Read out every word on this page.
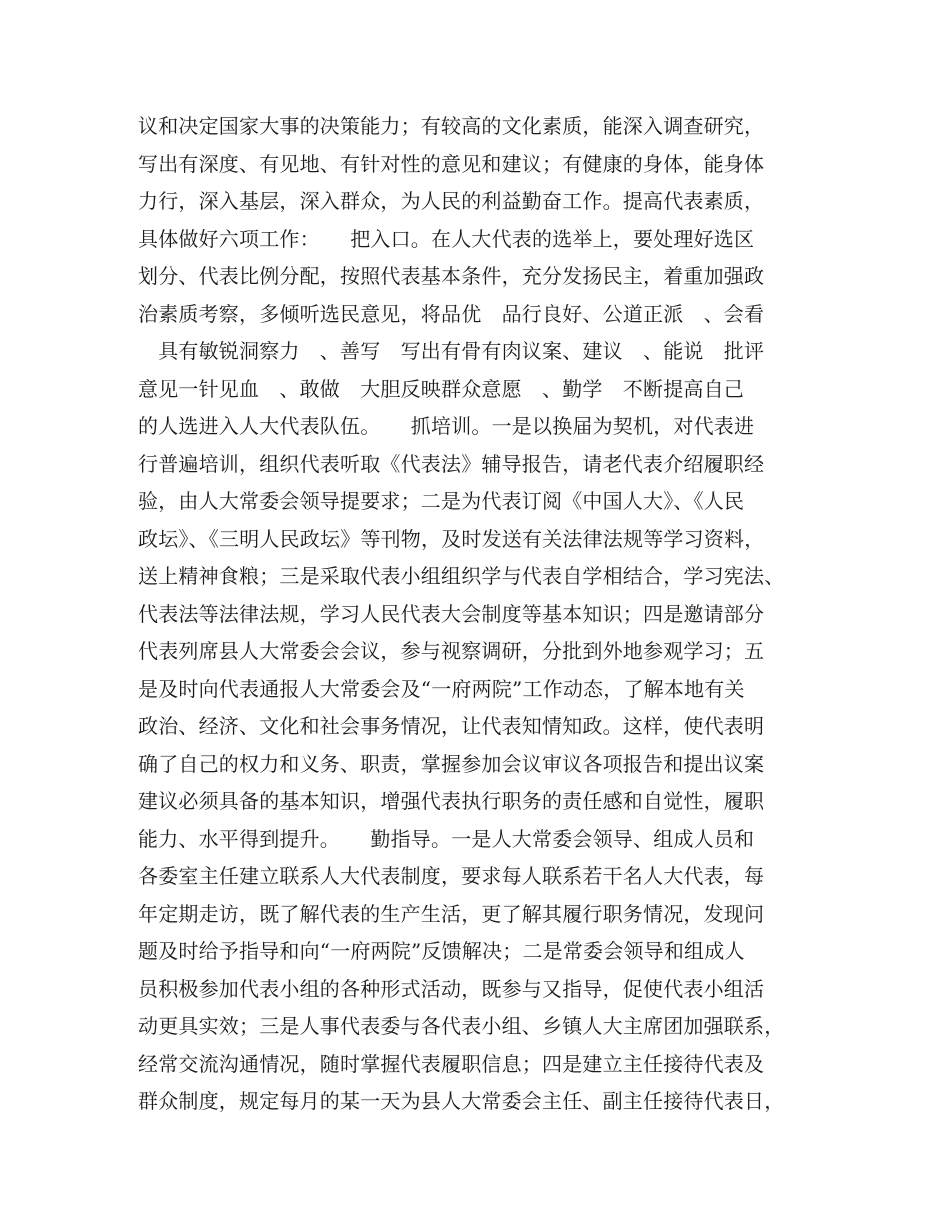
议和决定国家大事的决策能力；有较高的文化素质，能深入调查研究，
写出有深度、有见地、有针对性的意见和建议；有健康的身体，能身体
力行，深入基层，深入群众，为人民的利益勤奋工作。提高代表素质，
具体做好六项工作：　　把入口。在人大代表的选举上，要处理好选区
划分、代表比例分配，按照代表基本条件，充分发扬民主，着重加强政
治素质考察，多倾听选民意见，将品优　品行良好、公道正派　、会看
　具有敏锐洞察力　、善写　写出有骨有肉议案、建议　、能说　批评
意见一针见血　、敢做　大胆反映群众意愿　、勤学　不断提高自己
的人选进入人大代表队伍。　　抓培训。一是以换届为契机，对代表进
行普遍培训，组织代表听取《代表法》辅导报告，请老代表介绍履职经
验，由人大常委会领导提要求；二是为代表订阅《中国人大》、《人民
政坛》、《三明人民政坛》等刊物，及时发送有关法律法规等学习资料，
送上精神食粮；三是采取代表小组组织学与代表自学相结合，学习宪法、
代表法等法律法规，学习人民代表大会制度等基本知识；四是邀请部分
代表列席县人大常委会会议，参与视察调研，分批到外地参观学习；五
是及时向代表通报人大常委会及“一府两院”工作动态，了解本地有关
政治、经济、文化和社会事务情况，让代表知情知政。这样，使代表明
确了自己的权力和义务、职责，掌握参加会议审议各项报告和提出议案
建议必须具备的基本知识，增强代表执行职务的责任感和自觉性，履职
能力、水平得到提升。　　勤指导。一是人大常委会领导、组成人员和
各委室主任建立联系人大代表制度，要求每人联系若干名人大代表，每
年定期走访，既了解代表的生产生活，更了解其履行职务情况，发现问
题及时给予指导和向“一府两院”反馈解决；二是常委会领导和组成人
员积极参加代表小组的各种形式活动，既参与又指导，促使代表小组活
动更具实效；三是人事代表委与各代表小组、乡镇人大主席团加强联系，
经常交流沟通情况，随时掌握代表履职信息；四是建立主任接待代表及
群众制度，规定每月的某一天为县人大常委会主任、副主任接待代表日，
